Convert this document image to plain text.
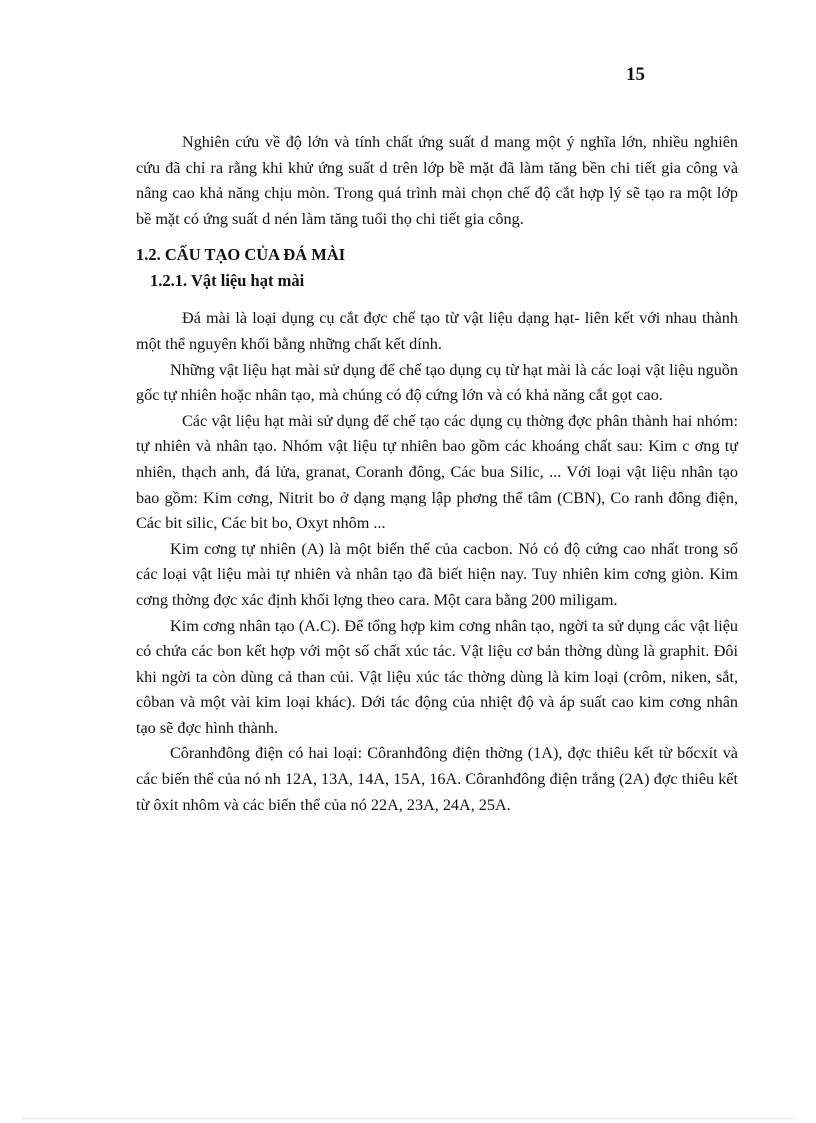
15

Nghiên cứu về độ lớn và tính chất ứng suất d mang một ý nghĩa lớn, nhiều nghiên cứu đã chỉ ra rằng khi khử ứng suất d trên lớp bề mặt đã làm tăng bền chi tiết gia công và nâng cao khả năng chịu mòn. Trong quá trình mài chọn chế độ cắt hợp lý sẽ tạo ra một lớp bề mặt có ứng suất d nén làm tăng tuổi thọ chi tiết gia công.

1.2. CẤU TẠO CỦA ĐÁ MÀI
1.2.1. Vật liệu hạt mài

Đá mài là loại dụng cụ cắt đợc chế tạo từ vật liệu dạng hạt- liên kết với nhau thành một thể nguyên khối bằng những chất kết dính.

Những vật liệu hạt mài sử dụng để chế tạo dụng cụ từ hạt mài là các loại vật liệu nguồn gốc tự nhiên hoặc nhân tạo, mà chúng có độ cứng lớn và có khả năng cắt gọt cao.

Các vật liệu hạt mài sử dụng để chế tạo các dụng cụ thờng đợc phân thành hai nhóm: tự nhiên và nhân tạo. Nhóm vật liệu tự nhiên bao gồm các khoáng chất sau: Kim c ơng tự nhiên, thạch anh, đá lửa, granat, Coranh đông, Các bua Silic, ... Với loại vật liệu nhân tạo bao gồm: Kim cơng, Nitrit bo ở dạng mạng lập phơng thể tâm (CBN), Co ranh đông điện, Các bit silic, Các bit bo, Oxyt nhôm ...

Kim cơng tự nhiên (A) là một biến thể của cacbon. Nó có độ cứng cao nhất trong số các loại vật liệu mài tự nhiên và nhân tạo đã biết hiện nay. Tuy nhiên kim cơng giòn. Kim cơng thờng đợc xác định khối lợng theo cara. Một cara bằng 200 miligam.

Kim cơng nhân tạo (A.C). Để tổng hợp kim cơng nhân tạo, ngời ta sử dụng các vật liệu có chứa các bon kết hợp với một số chất xúc tác. Vật liệu cơ bản thờng dùng là graphit. Đôi khi ngời ta còn dùng cả than củi. Vật liệu xúc tác thờng dùng là kim loại (crôm, niken, sắt, côban và một vài kim loại khác). Dới tác động của nhiệt độ và áp suất cao kim cơng nhân tạo sẽ đợc hình thành.

Côranhđông điện có hai loại: Côranhđông điện thờng (1A), đợc thiêu kết từ bốcxít và các biến thể của nó nh 12A, 13A, 14A, 15A, 16A. Côranhđông điện trắng (2A) đợc thiêu kết từ ôxit nhôm và các biến thể của nó 22A, 23A, 24A, 25A.
